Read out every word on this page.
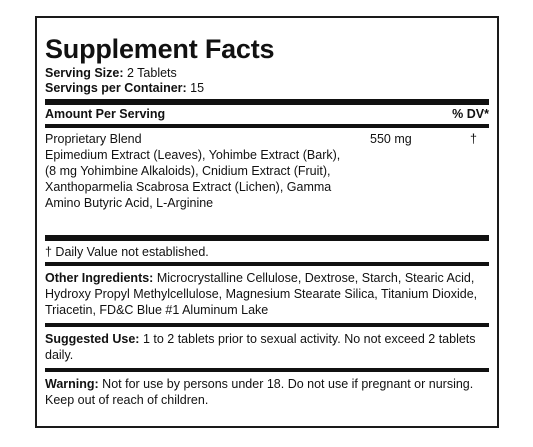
Supplement Facts
Serving Size: 2 Tablets
Servings per Container: 15
Amount Per Serving	% DV*
Proprietary Blend
Epimedium Extract (Leaves), Yohimbe Extract (Bark), (8 mg Yohimbine Alkaloids), Cnidium Extract (Fruit), Xanthoparmelia Scabrosa Extract (Lichen), Gamma Amino Butyric Acid, L-Arginine
550 mg	†
† Daily Value not established.
Other Ingredients: Microcrystalline Cellulose, Dextrose, Starch, Stearic Acid, Hydroxy Propyl Methylcellulose, Magnesium Stearate Silica, Titanium Dioxide, Triacetin, FD&C Blue #1 Aluminum Lake
Suggested Use: 1 to 2 tablets prior to sexual activity. No not exceed 2 tablets daily.
Warning: Not for use by persons under 18. Do not use if pregnant or nursing. Keep out of reach of children.
